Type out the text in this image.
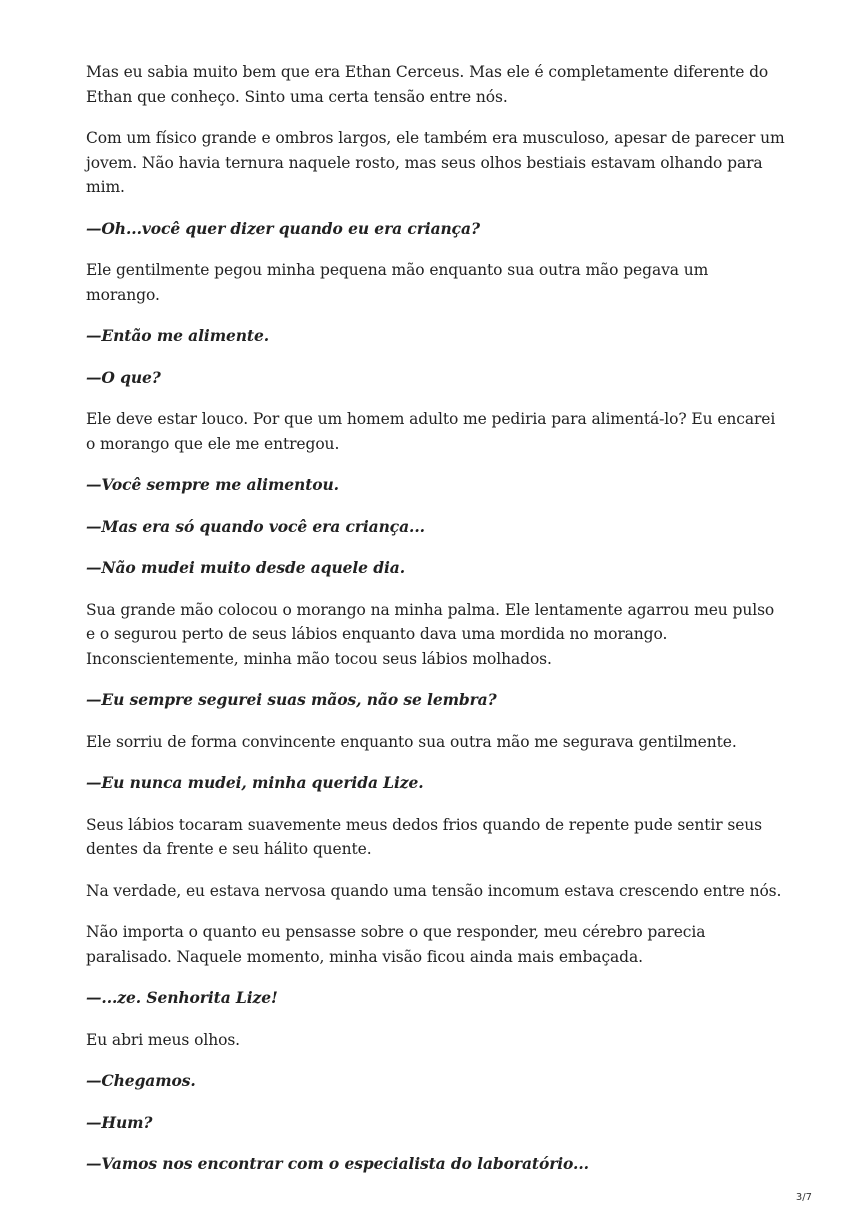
Mas eu sabia muito bem que era Ethan Cerceus. Mas ele é completamente diferente do Ethan que conheço. Sinto uma certa tensão entre nós.

Com um físico grande e ombros largos, ele também era musculoso, apesar de parecer um jovem. Não havia ternura naquele rosto, mas seus olhos bestiais estavam olhando para mim.

—Oh...você quer dizer quando eu era criança?

Ele gentilmente pegou minha pequena mão enquanto sua outra mão pegava um morango.

—Então me alimente.

—O que?

Ele deve estar louco. Por que um homem adulto me pediria para alimentá-lo? Eu encarei o morango que ele me entregou.

—Você sempre me alimentou.

—Mas era só quando você era criança...

—Não mudei muito desde aquele dia.

Sua grande mão colocou o morango na minha palma. Ele lentamente agarrou meu pulso e o segurou perto de seus lábios enquanto dava uma mordida no morango. Inconscientemente, minha mão tocou seus lábios molhados.

—Eu sempre segurei suas mãos, não se lembra?

Ele sorriu de forma convincente enquanto sua outra mão me segurava gentilmente.

—Eu nunca mudei, minha querida Lize.

Seus lábios tocaram suavemente meus dedos frios quando de repente pude sentir seus dentes da frente e seu hálito quente.

Na verdade, eu estava nervosa quando uma tensão incomum estava crescendo entre nós.

Não importa o quanto eu pensasse sobre o que responder, meu cérebro parecia paralisado. Naquele momento, minha visão ficou ainda mais embaçada.

—...ze. Senhorita Lize!

Eu abri meus olhos.

—Chegamos.

—Hum?

—Vamos nos encontrar com o especialista do laboratório...

3/7
